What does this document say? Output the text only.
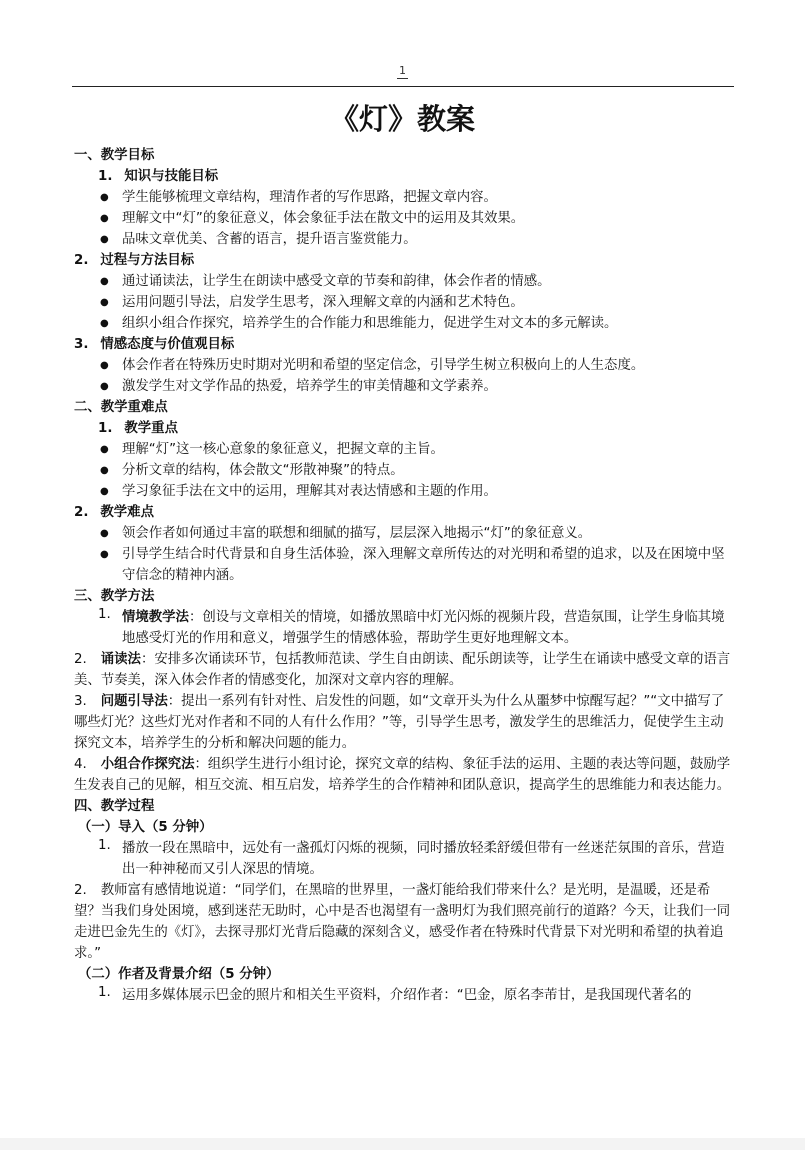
1
《灯》教案
一、教学目标
1. 知识与技能目标
● 学生能够梳理文章结构，理清作者的写作思路，把握文章内容。
● 理解文中“灯”的象征意义，体会象征手法在散文中的运用及其效果。
● 品味文章优美、含蓄的语言，提升语言鉴赏能力。
2. 过程与方法目标
● 通过诵读法，让学生在朗读中感受文章的节奏和韵律，体会作者的情感。
● 运用问题引导法，启发学生思考，深入理解文章的内涵和艺术特色。
● 组织小组合作探究，培养学生的合作能力和思维能力，促进学生对文本的多元解读。
3. 情感态度与价值观目标
● 体会作者在特殊历史时期对光明和希望的坚定信念，引导学生树立积极向上的人生态度。
● 激发学生对文学作品的热爱，培养学生的审美情趣和文学素养。
二、教学重难点
1. 教学重点
● 理解“灯”这一核心意象的象征意义，把握文章的主旨。
● 分析文章的结构，体会散文“形散神聚”的特点。
● 学习象征手法在文中的运用，理解其对表达情感和主题的作用。
2. 教学难点
● 领会作者如何通过丰富的联想和细腻的描写，层层深入地揭示“灯”的象征意义。
● 引导学生结合时代背景和自身生活体验，深入理解文章所传达的对光明和希望的追求，以及在困境中坚守信念的精神内涵。
三、教学方法
1. 情境教学法：创设与文章相关的情境，如播放黑暗中灯光闪烁的视频片段，营造氛围，让学生身临其境地感受灯光的作用和意义，增强学生的情感体验，帮助学生更好地理解文本。
2. 诵读法：安排多次诵读环节，包括教师范读、学生自由朗读、配乐朗读等，让学生在诵读中感受文章的语言美、节奏美，深入体会作者的情感变化，加深对文章内容的理解。
3. 问题引导法：提出一系列有针对性、启发性的问题，如“文章开头为什么从噩梦中惊醒写起？”“文中描写了哪些灯光？这些灯光对作者和不同的人有什么作用？”等，引导学生思考，激发学生的思维活力，促使学生主动探究文本，培养学生的分析和解决问题的能力。
4. 小组合作探究法：组织学生进行小组讨论，探究文章的结构、象征手法的运用、主题的表达等问题，鼓励学生发表自己的见解，相互交流、相互启发，培养学生的合作精神和团队意识，提高学生的思维能力和表达能力。
四、教学过程
（一）导入（5 分钟）
1. 播放一段在黑暗中，远处有一盏孤灯闪烁的视频，同时播放轻柔舒缓但带有一丝迷茫氛围的音乐，营造出一种神秘而又引人深思的情境。
2. 教师富有感情地说道：“同学们，在黑暗的世界里，一盏灯能给我们带来什么？是光明，是温暖，还是希望？当我们身处困境，感到迷茫无助时，心中是否也渴望有一盏明灯为我们照亮前行的道路？今天，让我们一同走进巴金先生的《灯》，去探寻那灯光背后隐藏的深刻含义，感受作者在特殊时代背景下对光明和希望的执着追求。”
（二）作者及背景介绍（5 分钟）
1. 运用多媒体展示巴金的照片和相关生平资料，介绍作者：“巴金，原名李芾甘，是我国现代著名的
